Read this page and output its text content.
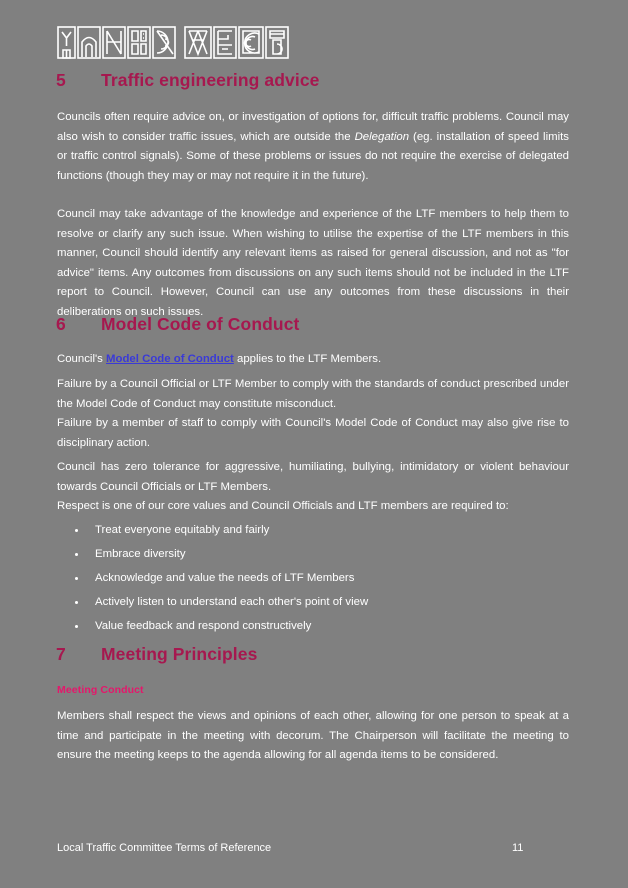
5 Traffic engineering advice

Councils often require advice on, or investigation of options for, difficult traffic problems. Council may also wish to consider traffic issues, which are outside the Delegation (eg. installation of speed limits or traffic control signals). Some of these problems or issues do not require the exercise of delegated functions (though they may or may not require it in the future).

Council may take advantage of the knowledge and experience of the LTF members to help them to resolve or clarify any such issue. When wishing to utilise the expertise of the LTF members in this manner, Council should identify any relevant items as raised for general discussion, and not as "for advice" items. Any outcomes from discussions on any such items should not be included in the LTF report to Council. However, Council can use any outcomes from these discussions in their deliberations on such issues.

6 Model Code of Conduct

Council's Model Code of Conduct applies to the LTF Members.

Failure by a Council Official or LTF Member to comply with the standards of conduct prescribed under the Model Code of Conduct may constitute misconduct.

Failure by a member of staff to comply with Council's Model Code of Conduct may also give rise to disciplinary action.

Council has zero tolerance for aggressive, humiliating, bullying, intimidatory or violent behaviour towards Council Officials or LTF Members.

Respect is one of our core values and Council Officials and LTF members are required to:

Treat everyone equitably and fairly
Embrace diversity
Acknowledge and value the needs of LTF Members
Actively listen to understand each other's point of view
Value feedback and respond constructively
7 Meeting Principles
Meeting Conduct

Members shall respect the views and opinions of each other, allowing for one person to speak at a time and participate in the meeting with decorum. The Chairperson will facilitate the meeting to ensure the meeting keeps to the agenda allowing for all agenda items to be considered.

Local Traffic Committee Terms of Reference	11
